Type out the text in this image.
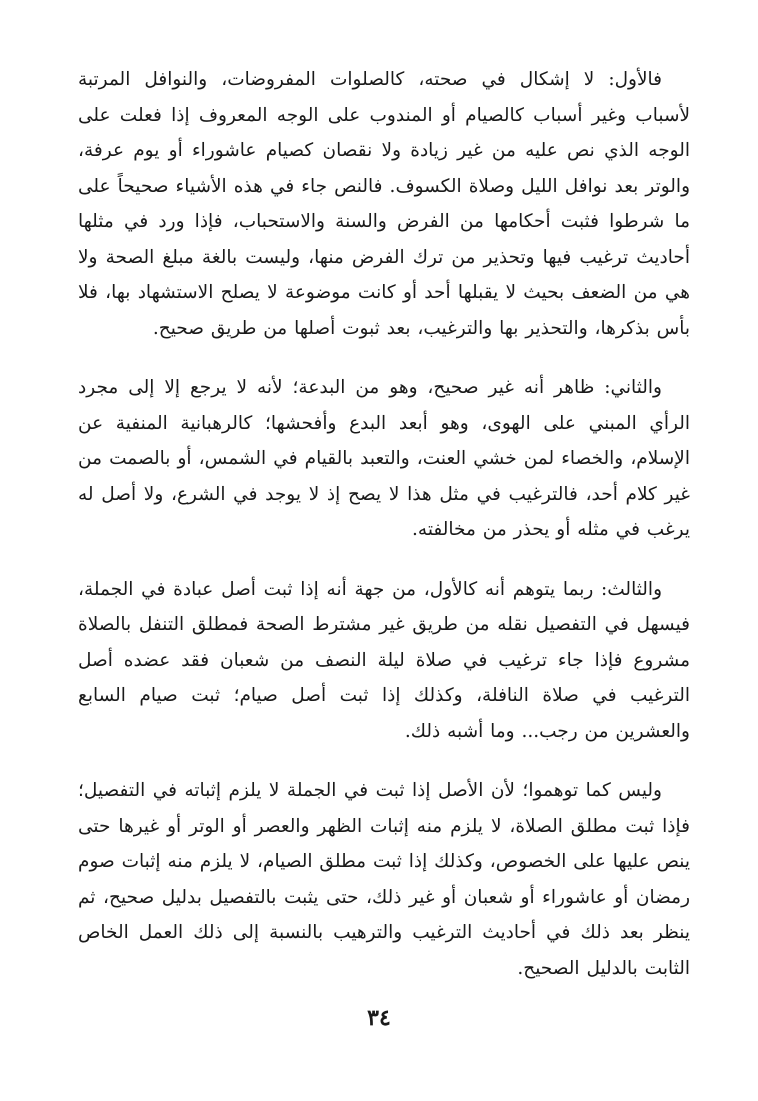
فالأول: لا إشكال في صحته، كالصلوات المفروضات، والنوافل المرتبة لأسباب وغير أسباب كالصيام أو المندوب على الوجه المعروف إذا فعلت على الوجه الذي نص عليه من غير زيادة ولا نقصان كصيام عاشوراء أو يوم عرفة، والوتر بعد نوافل الليل وصلاة الكسوف. فالنص جاء في هذه الأشياء صحيحاً على ما شرطوا فثبت أحكامها من الفرض والسنة والاستحباب، فإذا ورد في مثلها أحاديث ترغيب فيها وتحذير من ترك الفرض منها، وليست بالغة مبلغ الصحة ولا هي من الضعف بحيث لا يقبلها أحد أو كانت موضوعة لا يصلح الاستشهاد بها، فلا بأس بذكرها، والتحذير بها والترغيب، بعد ثبوت أصلها من طريق صحيح.

والثاني: ظاهر أنه غير صحيح، وهو من البدعة؛ لأنه لا يرجع إلا إلى مجرد الرأي المبني على الهوى، وهو أبعد البدع وأفحشها؛ كالرهبانية المنفية عن الإسلام، والخصاء لمن خشي العنت، والتعبد بالقيام في الشمس، أو بالصمت من غير كلام أحد، فالترغيب في مثل هذا لا يصح إذ لا يوجد في الشرع، ولا أصل له يرغب في مثله أو يحذر من مخالفته.

والثالث: ربما يتوهم أنه كالأول، من جهة أنه إذا ثبت أصل عبادة في الجملة، فيسهل في التفصيل نقله من طريق غير مشترط الصحة فمطلق التنفل بالصلاة مشروع فإذا جاء ترغيب في صلاة ليلة النصف من شعبان فقد عضده أصل الترغيب في صلاة النافلة، وكذلك إذا ثبت أصل صيام؛ ثبت صيام السابع والعشرين من رجب... وما أشبه ذلك.

وليس كما توهموا؛ لأن الأصل إذا ثبت في الجملة لا يلزم إثباته في التفصيل؛ فإذا ثبت مطلق الصلاة، لا يلزم منه إثبات الظهر والعصر أو الوتر أو غيرها حتى ينص عليها على الخصوص، وكذلك إذا ثبت مطلق الصيام، لا يلزم منه إثبات صوم رمضان أو عاشوراء أو شعبان أو غير ذلك، حتى يثبت بالتفصيل بدليل صحيح، ثم ينظر بعد ذلك في أحاديث الترغيب والترهيب بالنسبة إلى ذلك العمل الخاص الثابت بالدليل الصحيح.

٣٤
